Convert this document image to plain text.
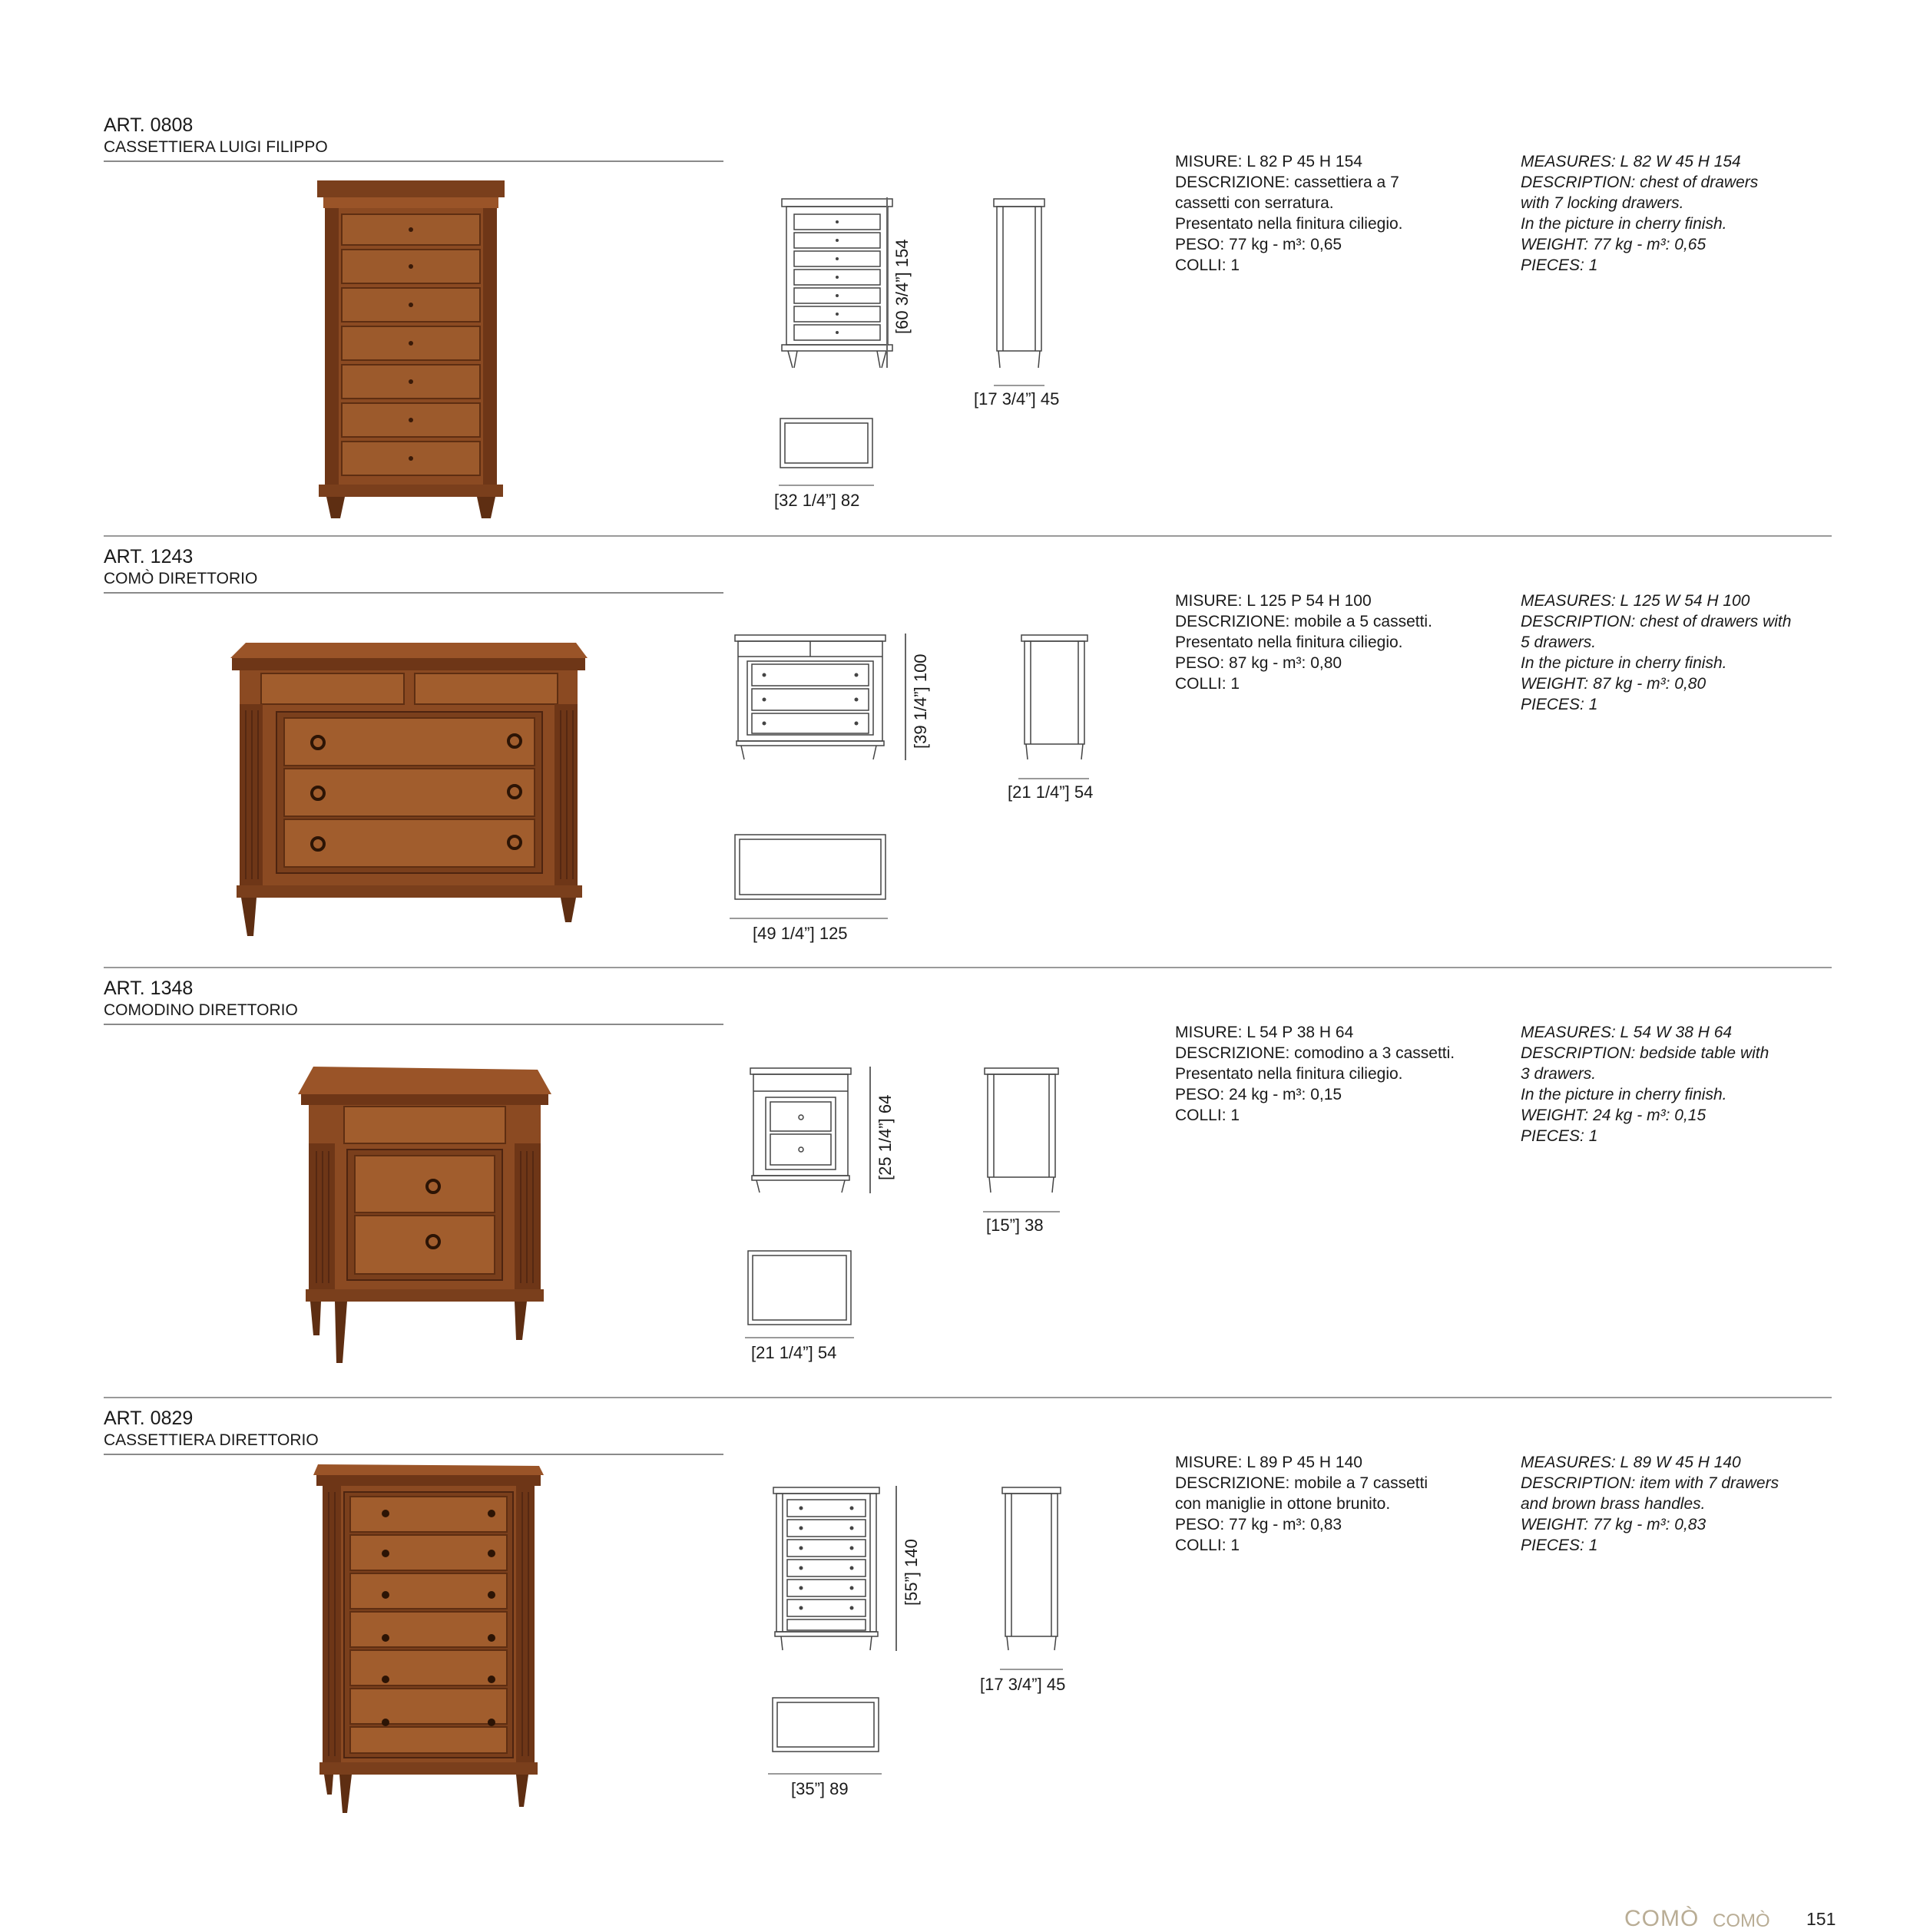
ART. 0808
CASSETTIERA LUIGI FILIPPO
[60 3/4”] 154
[17 3/4”] 45
[32 1/4”] 82

MISURE: L 82 P 45 H 154

DESCRIZIONE: cassettiera a 7

cassetti con serratura.

Presentato nella finitura ciliegio.

PESO: 77 kg - m³: 0,65

COLLI: 1

MEASURES: L 82 W 45 H 154

DESCRIPTION: chest of drawers

with 7 locking drawers.

In the picture in cherry finish.

WEIGHT: 77 kg - m³: 0,65

PIECES: 1

ART. 1243
COMÒ DIRETTORIO
[39 1/4”] 100
[21 1/4”] 54
[49 1/4”] 125

MISURE: L 125 P 54 H 100

DESCRIZIONE: mobile a 5 cassetti.

Presentato nella finitura ciliegio.

PESO: 87 kg - m³: 0,80

COLLI: 1

MEASURES: L 125 W 54 H 100

DESCRIPTION: chest of drawers with

5 drawers.

In the picture in cherry finish.

WEIGHT: 87 kg - m³: 0,80

PIECES: 1

ART. 1348
COMODINO DIRETTORIO
[25 1/4”] 64
[15”] 38
[21 1/4”] 54

MISURE: L 54 P 38 H 64

DESCRIZIONE: comodino a 3 cassetti.

Presentato nella finitura ciliegio.

PESO: 24 kg - m³: 0,15

COLLI: 1

MEASURES: L 54 W 38 H 64

DESCRIPTION: bedside table with

3 drawers.

In the picture in cherry finish.

WEIGHT: 24 kg - m³: 0,15

PIECES: 1

ART. 0829
CASSETTIERA DIRETTORIO
[55”] 140
[17 3/4”] 45
[35”] 89

MISURE: L 89 P 45 H 140

DESCRIZIONE: mobile a 7 cassetti

con maniglie in ottone brunito.

PESO: 77 kg - m³: 0,83

COLLI: 1

MEASURES: L 89 W 45 H 140

DESCRIPTION: item with 7 drawers

and brown brass handles.

WEIGHT: 77 kg - m³: 0,83

PIECES: 1

COMÒ COMÒ 151
